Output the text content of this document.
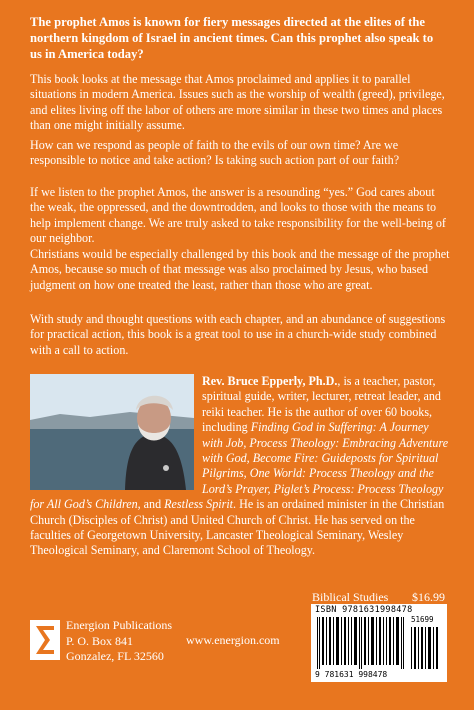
The prophet Amos is known for fiery messages directed at the elites of the northern kingdom of Israel in ancient times. Can this prophet also speak to us in America today?
This book looks at the message that Amos proclaimed and applies it to parallel situations in modern America. Issues such as the worship of wealth (greed), privilege, and elites living off the labor of others are more similar in these two times and places than one might initially assume.
How can we respond as people of faith to the evils of our own time? Are we responsible to notice and take action? Is taking such action part of our faith?
If we listen to the prophet Amos, the answer is a resounding “yes.” God cares about the weak, the oppressed, and the downtrodden, and looks to those with the means to help implement change. We are truly asked to take responsibility for the well-being of our neighbor.
Christians would be especially challenged by this book and the message of the prophet Amos, because so much of that message was also proclaimed by Jesus, who based judgment on how one treated the least, rather than those who are great.
With study and thought questions with each chapter, and an abundance of suggestions for practical action, this book is a great tool to use in a church-wide study combined with a call to action.
Rev. Bruce Epperly, Ph.D., is a teacher, pastor, spiritual guide, writer, lecturer, retreat leader, and reiki teacher. He is the author of over 60 books, including Finding God in Suffering: A Journey with Job, Process Theology: Embracing Adventure with God, Become Fire: Guideposts for Spiritual Pilgrims, One World: Process Theology and the Lord’s Prayer, Piglet’s Process: Process Theology for All God’s Children, and Restless Spirit. He is an ordained minister in the Christian Church (Disciples of Christ) and United Church of Christ. He has served on the faculties of Georgetown University, Lancaster Theological Seminary, Wesley Theological Seminary, and Claremont School of Theology.
Energion Publications
P. O. Box 841
Gonzalez, FL 32560
www.energion.com
Biblical Studies $16.99
ISBN 9781631998478
51699
9 781631 998478
